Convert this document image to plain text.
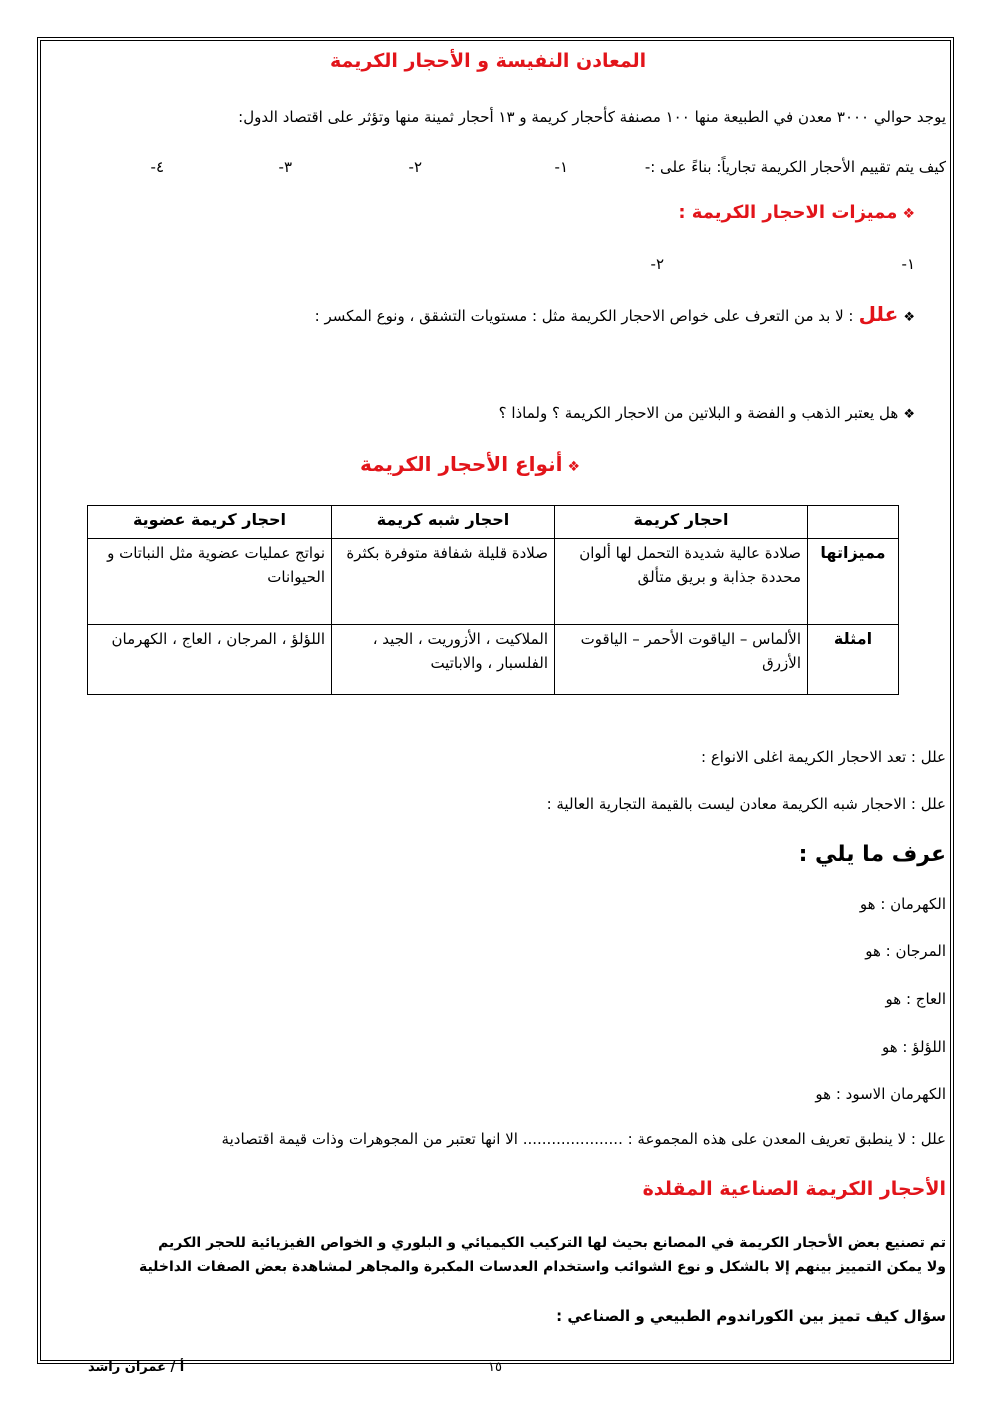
المعادن النفيسة و الأحجار الكريمة
يوجد حوالي ٣٠٠٠ معدن في الطبيعة منها ١٠٠ مصنفة كأحجار كريمة و ١٣ أحجار ثمينة منها وتؤثر على اقتصاد الدول:
كيف يتم تقييم الأحجار الكريمة تجارياً: بناءً على :-
١-
٢-
٣-
٤-
❖ مميزات الاحجار الكريمة :
١-
٢-
❖ علل : لا بد من التعرف على خواص الاحجار الكريمة مثل : مستويات التشقق ، ونوع المكسر :
❖ هل يعتبر الذهب و الفضة و البلاتين من الاحجار الكريمة ؟ ولماذا ؟
❖ أنواع الأحجار الكريمة
	احجار كريمة	احجار شبه كريمة	احجار كريمة عضوية
مميزاتها	صلادة عالية شديدة التحمل لها ألوان محددة جذابة و بريق متألق	صلادة قليلة شفافة متوفرة بكثرة	نواتج عمليات عضوية مثل النباتات و الحيوانات
امثلة	الألماس – الياقوت الأحمر – الياقوت الأزرق	الملاكيت ، الأزوريت ، الجيد ، الفلسبار ، والاباتيت	اللؤلؤ ، المرجان ، العاج ، الكهرمان
علل : تعد الاحجار الكريمة اغلى الانواع :
علل : الاحجار شبه الكريمة معادن ليست بالقيمة التجارية العالية :
عرف ما يلي :
الكهرمان : هو
المرجان : هو
العاج : هو
اللؤلؤ : هو
الكهرمان الاسود : هو
علل : لا ينطبق تعريف المعدن على هذه المجموعة : ..................... الا انها تعتبر من المجوهرات وذات قيمة اقتصادية
الأحجار الكريمة الصناعية المقلدة
تم تصنيع بعض الأحجار الكريمة في المصانع بحيث لها التركيب الكيميائي و البلوري و الخواص الفيزيائية للحجر الكريم
ولا يمكن التمييز بينهم إلا بالشكل و نوع الشوائب واستخدام العدسات المكبرة والمجاهر لمشاهدة بعض الصفات الداخلية
سؤال كيف تميز بين الكوراندوم الطبيعي و الصناعي :
١٥
أ / عمران راشد
